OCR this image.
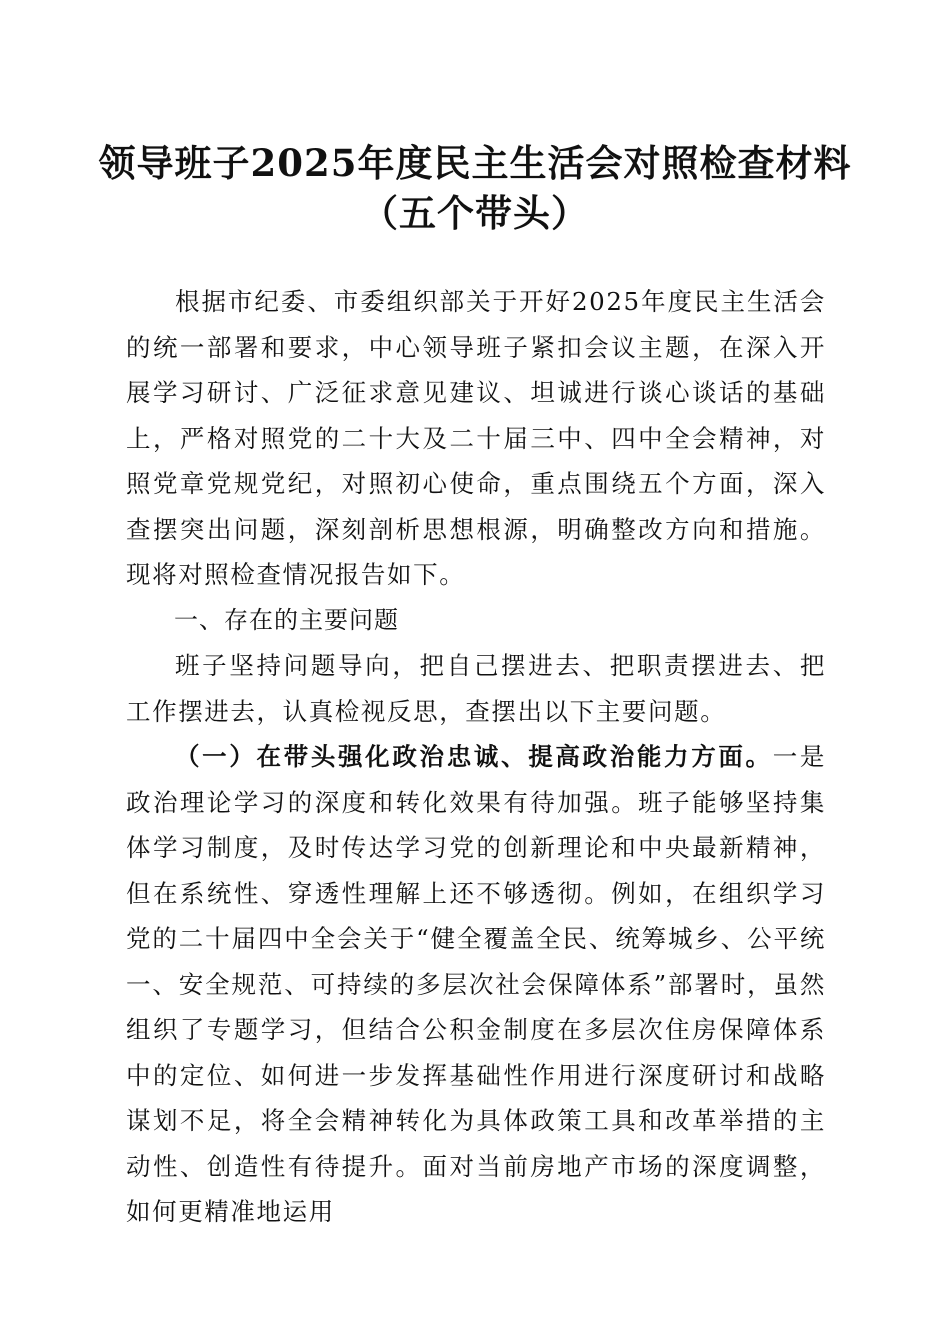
领导班子2025年度民主生活会对照检查材料
（五个带头）

根据市纪委、市委组织部关于开好2025年度民主生活会的统一部署和要求，中心领导班子紧扣会议主题，在深入开展学习研讨、广泛征求意见建议、坦诚进行谈心谈话的基础上，严格对照党的二十大及二十届三中、四中全会精神，对照党章党规党纪，对照初心使命，重点围绕五个方面，深入查摆突出问题，深刻剖析思想根源，明确整改方向和措施。现将对照检查情况报告如下。

一、存在的主要问题

班子坚持问题导向，把自己摆进去、把职责摆进去、把工作摆进去，认真检视反思，查摆出以下主要问题。

（一）在带头强化政治忠诚、提高政治能力方面。一是政治理论学习的深度和转化效果有待加强。班子能够坚持集体学习制度，及时传达学习党的创新理论和中央最新精神，但在系统性、穿透性理解上还不够透彻。例如，在组织学习党的二十届四中全会关于“健全覆盖全民、统筹城乡、公平统一、安全规范、可持续的多层次社会保障体系”部署时，虽然组织了专题学习，但结合公积金制度在多层次住房保障体系中的定位、如何进一步发挥基础性作用进行深度研讨和战略谋划不足，将全会精神转化为具体政策工具和改革举措的主动性、创造性有待提升。面对当前房地产市场的深度调整，如何更精准地运用
